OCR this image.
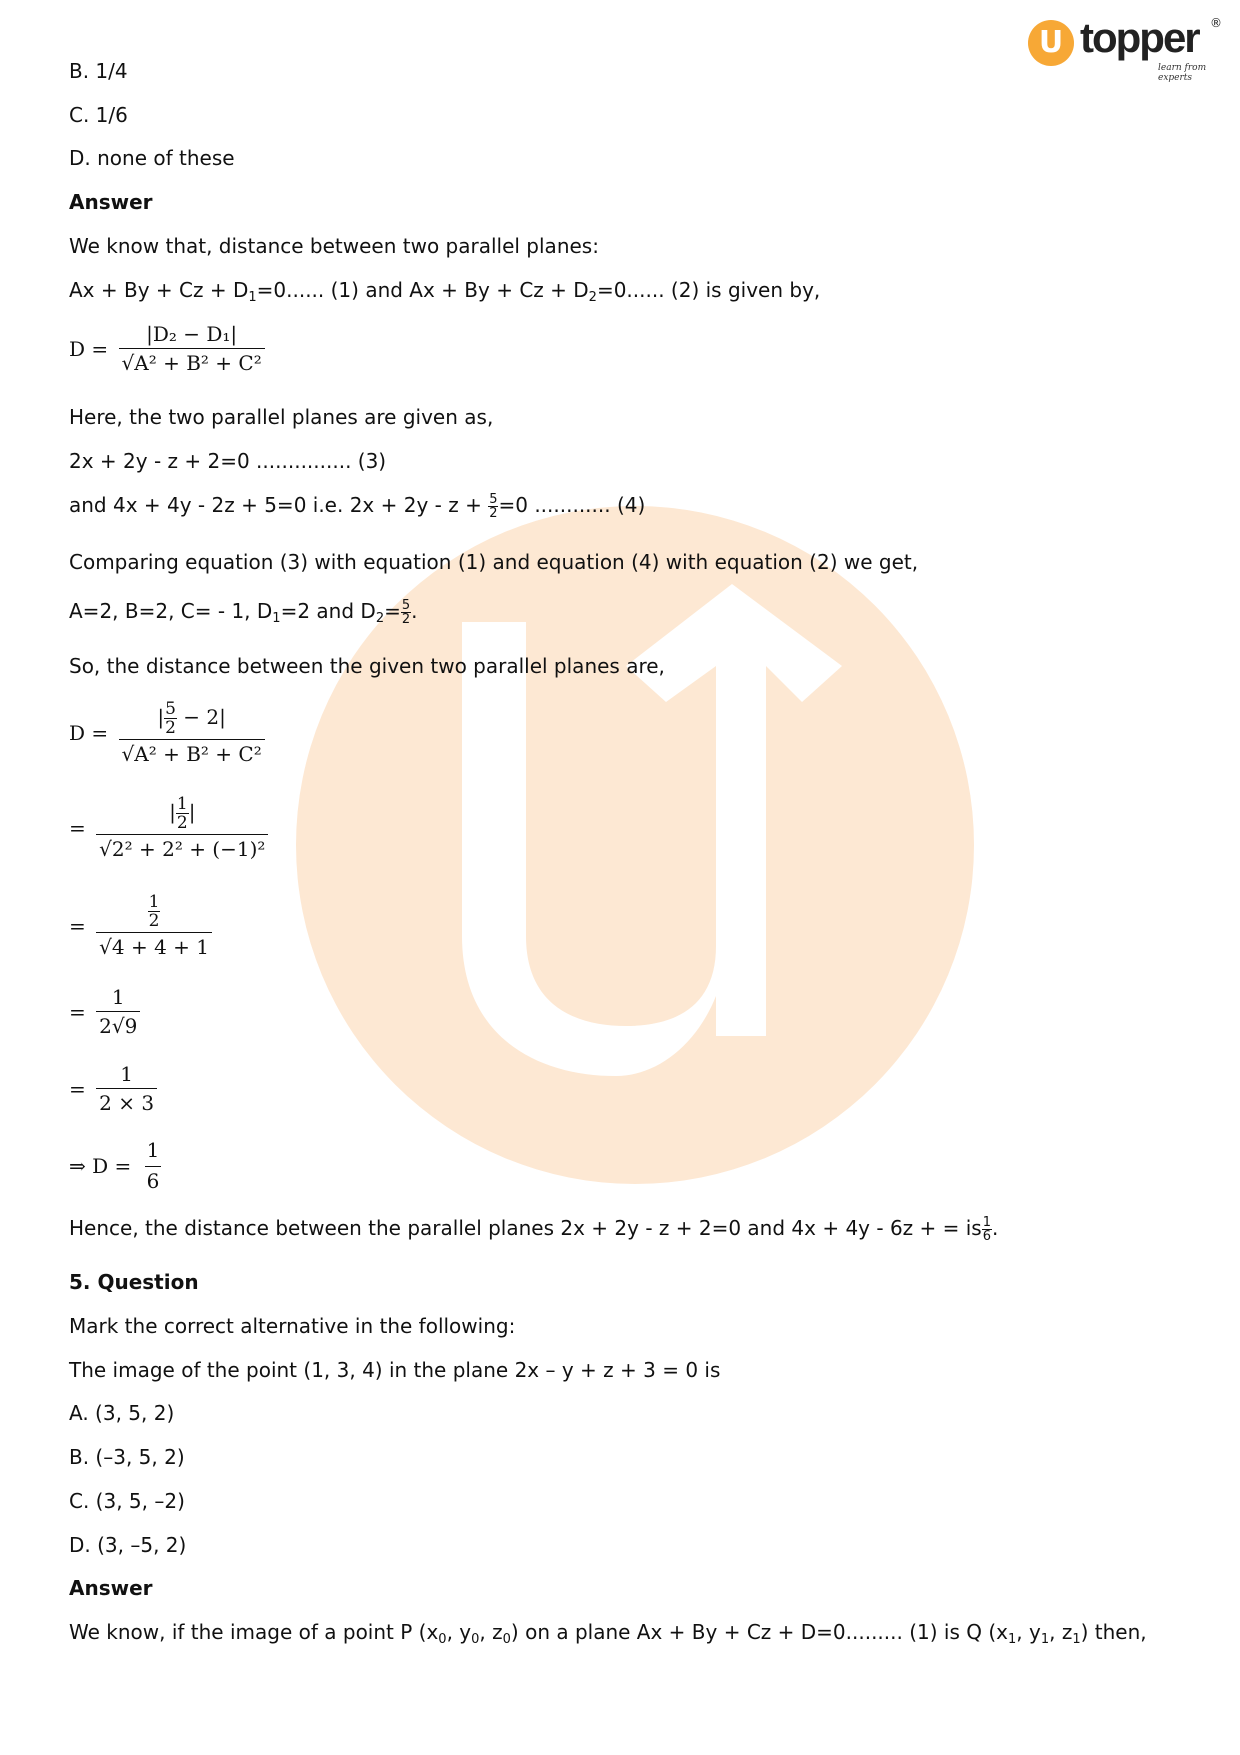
U topper ®
learn from experts
B. 1/4
C. 1/6
D. none of these
Answer
We know that, distance between two parallel planes:
$Ax + By + Cz + D_1=0$...... (1) and $Ax + By + Cz + D_2=0$...... (2) is given by,
$D = \frac{\text{|D₂ − D₁|}}{\text{√A² + B² + C²}}$
Here, the two parallel planes are given as,
2x + 2y - z + 2=0 ............... (3)
and 4x + 4y - 2z + 5=0 i.e. $2x + 2y - z + \frac{5}{2} =0$ ............ (4)
Comparing equation (3) with equation (1) and equation (4) with equation (2) we get,
A=2, B=2, C= - 1, $D_1=2$ and $D_2= \frac{5}{2}$ .
So, the distance between the given two parallel planes are,
$D = \frac{| \frac{5}{2} - 2|}{\text{√A² + B² + C²}}$
= $\frac{| \frac{1}{2} |}{\text{√2² + 2² + (−1)²}}$
= $\frac{\frac{1}{2}}{√4 + 4 + 1}$
= $\frac{1}{2√9}$
= $\frac{1}{2 \times 3}$
⇒ D =
1
6
Hence, the distance between the parallel planes 2x + 2y - z + 2=0 and 4x + 4y - 6z + = is $\frac{1}{6}$ .
5. Question
Mark the correct alternative in the following:
The image of the point (1, 3, 4) in the plane 2x – y + z + 3 = 0 is
A. (3, 5, 2)
B. (–3, 5, 2)
C. (3, 5, –2)
D. (3, –5, 2)
Answer
We know, if the image of a point P ($x_0$, $y_0$, $z_0$) on a plane Ax + By + Cz + D=0......... (1) is Q ($x_1$, $y_1$, $z_1$) then,
